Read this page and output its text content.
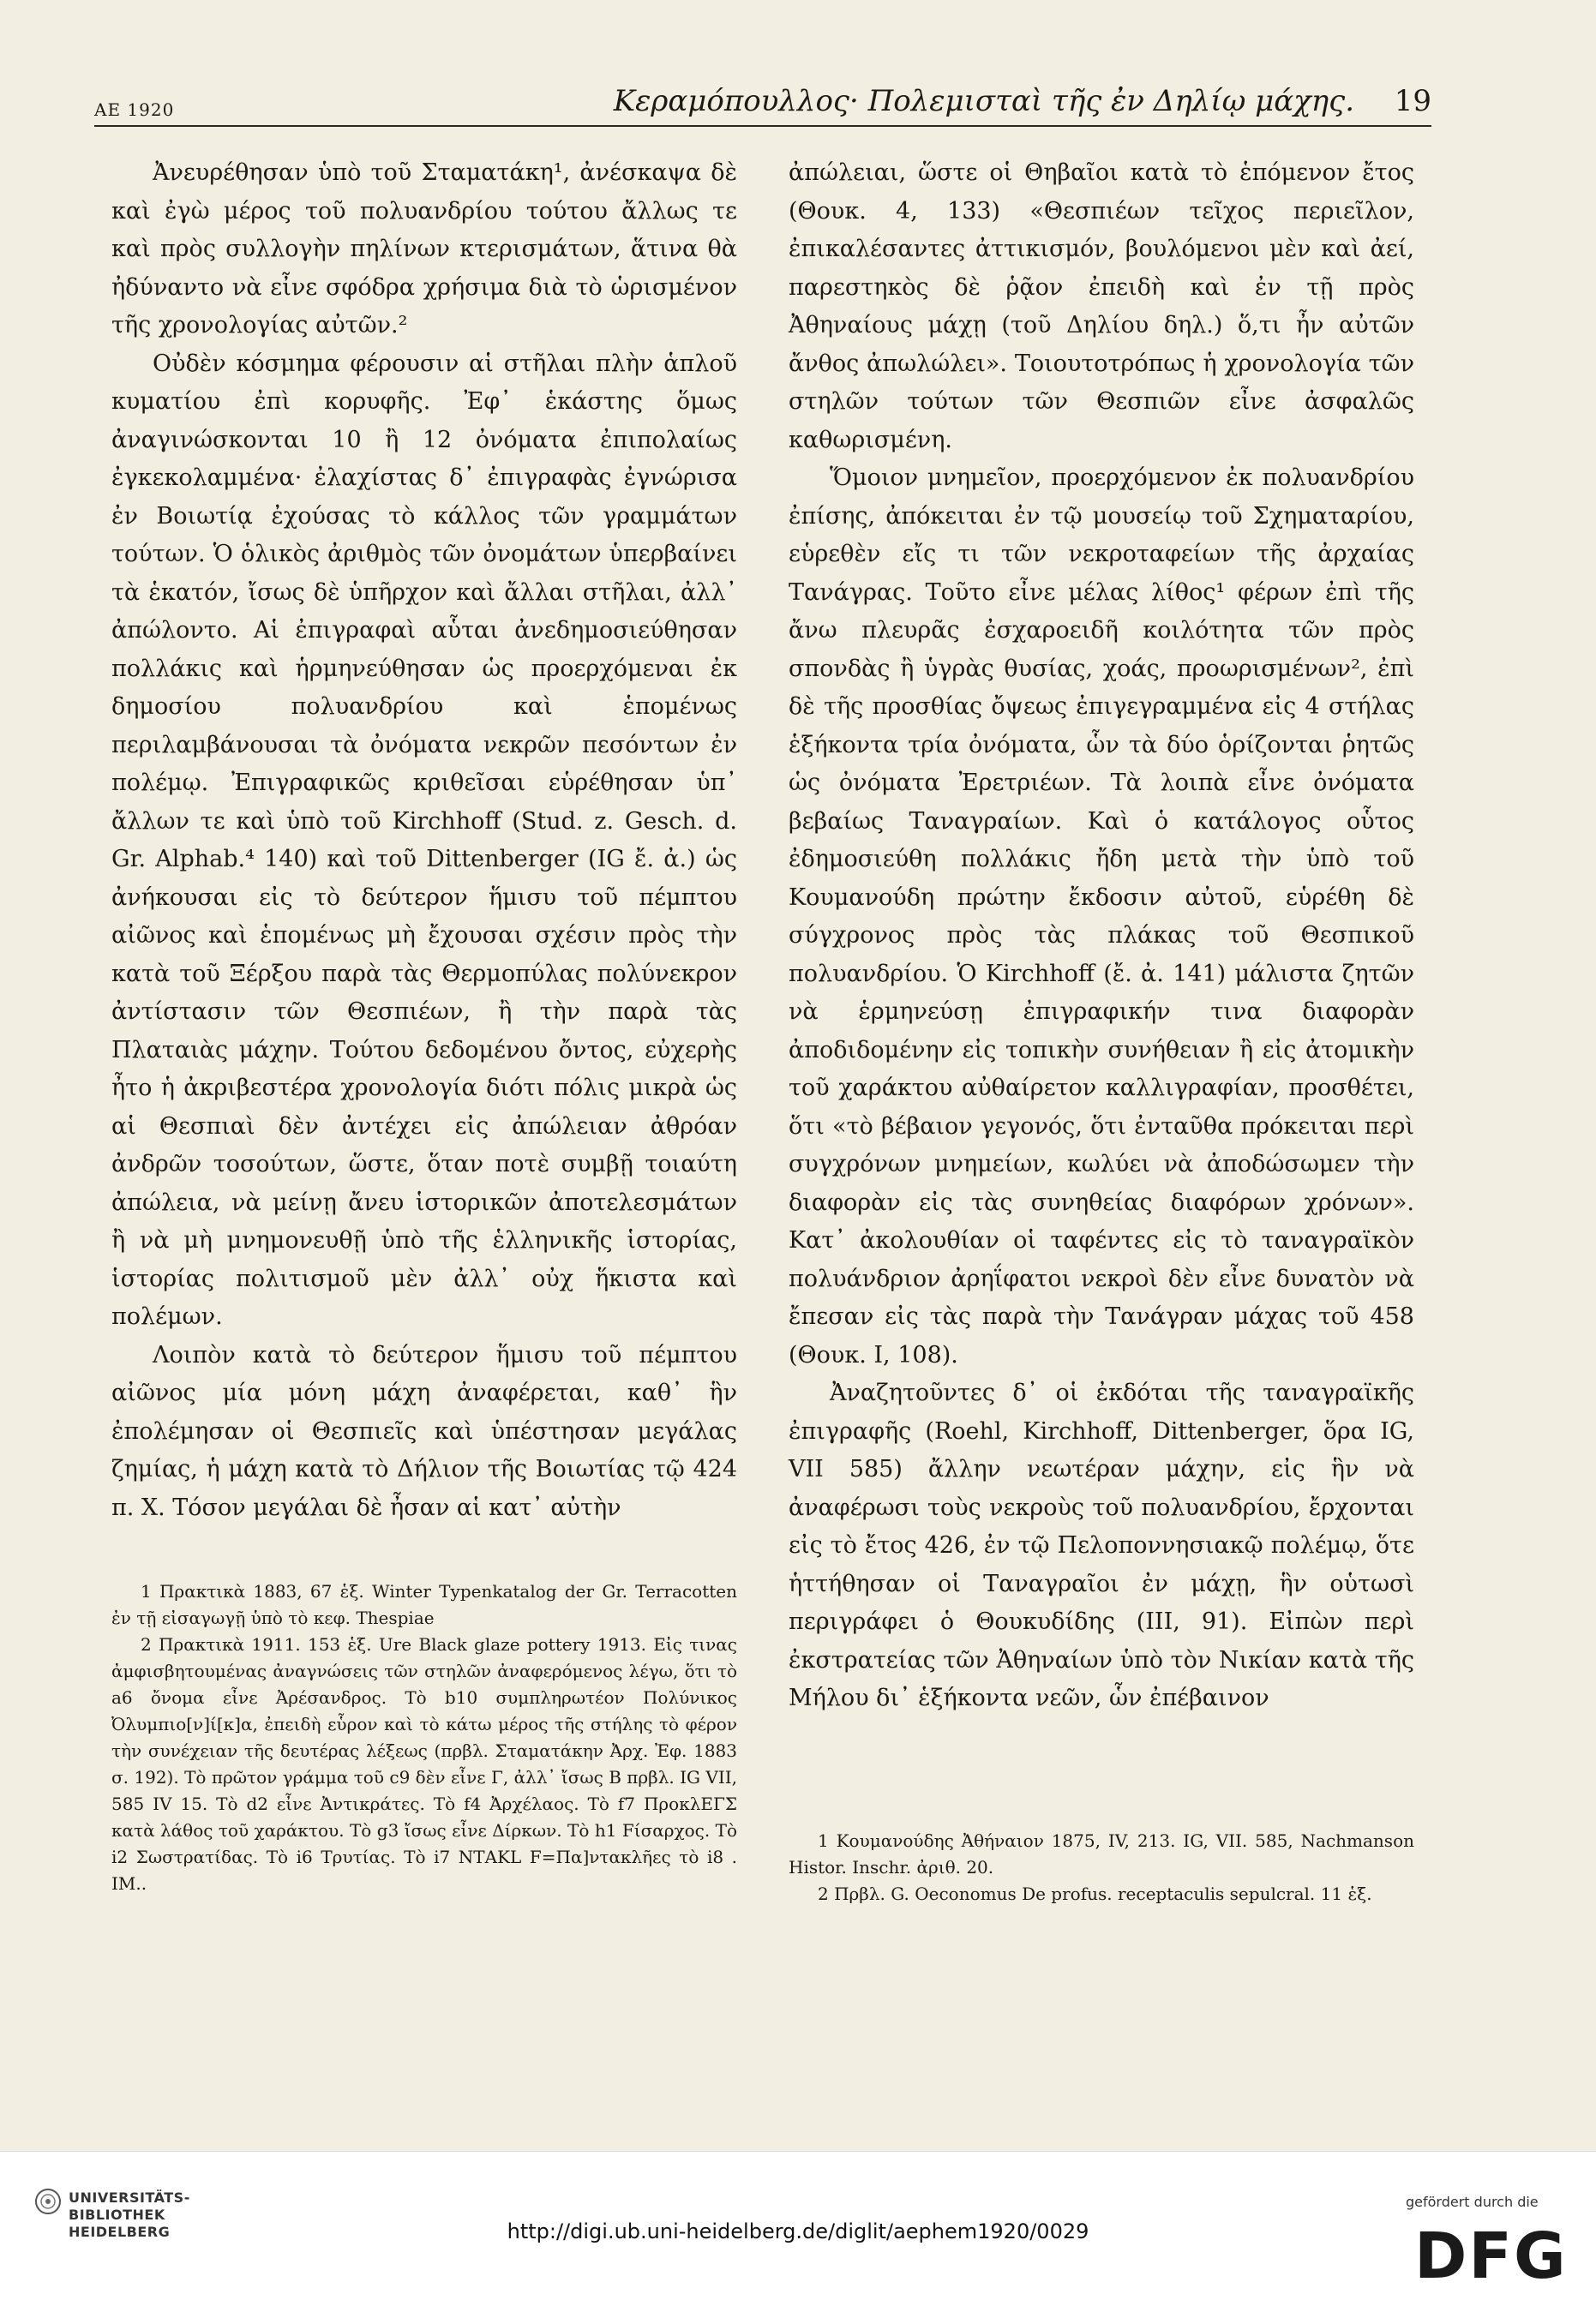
ΑΕ 1920	Κεραμόπουλλος· Πολεμισταὶ τῆς ἐν Δηλίῳ μάχης. 19

Ἀνευρέθησαν ὑπὸ τοῦ Σταματάκη¹, ἀνέσκαψα δὲ καὶ ἐγὼ μέρος τοῦ πολυανδρίου τούτου ἄλλως τε καὶ πρὸς συλλογὴν πηλίνων κτερισμάτων, ἅτινα θὰ ἠδύναντο νὰ εἶνε σφόδρα χρήσιμα διὰ τὸ ὡρισμένον τῆς χρονολογίας αὐτῶν.²

Οὐδὲν κόσμημα φέρουσιν αἱ στῆλαι πλὴν ἁπλοῦ κυματίου ἐπὶ κορυφῆς. Ἐφ᾽ ἑκάστης ὅμως ἀναγινώσκονται 10 ἢ 12 ὀνόματα ἐπιπολαίως ἐγκεκολαμμένα· ἐλαχίστας δ᾽ ἐπιγραφὰς ἐγνώρισα ἐν Βοιωτίᾳ ἐχούσας τὸ κάλλος τῶν γραμμάτων τούτων. Ὁ ὁλικὸς ἀριθμὸς τῶν ὀνομάτων ὑπερβαίνει τὰ ἑκατόν, ἴσως δὲ ὑπῆρχον καὶ ἄλλαι στῆλαι, ἀλλ᾽ ἀπώλοντο. Αἱ ἐπιγραφαὶ αὗται ἀνεδημοσιεύθησαν πολλάκις καὶ ἡρμηνεύθησαν ὡς προερχόμεναι ἐκ δημοσίου πολυανδρίου καὶ ἑπομένως περιλαμβάνουσαι τὰ ὀνόματα νεκρῶν πεσόντων ἐν πολέμῳ. Ἐπιγραφικῶς κριθεῖσαι εὑρέθησαν ὑπ᾽ ἄλλων τε καὶ ὑπὸ τοῦ Kirchhoff (Stud. z. Gesch. d. Gr. Alphab.⁴ 140) καὶ τοῦ Dittenberger (IG ἔ. ἀ.) ὡς ἀνήκουσαι εἰς τὸ δεύτερον ἥμισυ τοῦ πέμπτου αἰῶνος καὶ ἑπομένως μὴ ἔχουσαι σχέσιν πρὸς τὴν κατὰ τοῦ Ξέρξου παρὰ τὰς Θερμοπύλας πολύνεκρον ἀντίστασιν τῶν Θεσπιέων, ἢ τὴν παρὰ τὰς Πλαταιὰς μάχην. Τούτου δεδομένου ὄντος, εὐχερὴς ἦτο ἡ ἀκριβεστέρα χρονολογία διότι πόλις μικρὰ ὡς αἱ Θεσπιαὶ δὲν ἀντέχει εἰς ἀπώλειαν ἀθρόαν ἀνδρῶν τοσούτων, ὥστε, ὅταν ποτὲ συμβῇ τοιαύτη ἀπώλεια, νὰ μείνῃ ἄνευ ἱστορικῶν ἀποτελεσμάτων ἢ νὰ μὴ μνημονευθῇ ὑπὸ τῆς ἑλληνικῆς ἱστορίας, ἱστορίας πολιτισμοῦ μὲν ἀλλ᾽ οὐχ ἥκιστα καὶ πολέμων.

Λοιπὸν κατὰ τὸ δεύτερον ἥμισυ τοῦ πέμπτου αἰῶνος μία μόνη μάχη ἀναφέρεται, καθ᾽ ἣν ἐπολέμησαν οἱ Θεσπιεῖς καὶ ὑπέστησαν μεγάλας ζημίας, ἡ μάχη κατὰ τὸ Δήλιον τῆς Βοιωτίας τῷ 424 π. Χ. Τόσον μεγάλαι δὲ ἦσαν αἱ κατ᾽ αὐτὴν

1 Πρακτικὰ 1883, 67 ἑξ. Winter Typenkatalog der Gr. Terracotten ἐν τῇ εἰσαγωγῇ ὑπὸ τὸ κεφ. Thespiae

2 Πρακτικὰ 1911. 153 ἑξ. Ure Black glaze pottery 1913. Εἰς τινας ἀμφισβητουμένας ἀναγνώσεις τῶν στηλῶν ἀναφερόμενος λέγω, ὅτι τὸ a6 ὄνομα εἶνε Ἀρέσανδρος. Τὸ b10 συμπληρωτέον Πολύνικος Ὀλυμπιο[ν]ί[κ]α, ἐπειδὴ εὗρον καὶ τὸ κάτω μέρος τῆς στήλης τὸ φέρον τὴν συνέχειαν τῆς δευτέρας λέξεως (πρβλ. Σταματάκην Ἀρχ. Ἐφ. 1883 σ. 192). Τὸ πρῶτον γράμμα τοῦ c9 δὲν εἶνε Γ, ἀλλ᾽ ἴσως Β πρβλ. IG VII, 585 IV 15. Τὸ d2 εἶνε Ἀντικράτες. Τὸ f4 Ἀρχέλαος. Τὸ f7 ΠροκλΕΓΣ κατὰ λάθος τοῦ χαράκτου. Τὸ g3 ἴσως εἶνε Δίρκων. Τὸ h1 Fίσαρχος. Τὸ i2 Σωστρατίδας. Τὸ i6 Τρυτίας. Τὸ i7 ΝΤΑΚL F=Πα]ντακλῆες τὸ i8 . ΙΜ..

ἀπώλειαι, ὥστε οἱ Θηβαῖοι κατὰ τὸ ἑπόμενον ἔτος (Θουκ. 4, 133) «Θεσπιέων τεῖχος περιεῖλον, ἐπικαλέσαντες ἀττικισμόν, βουλόμενοι μὲν καὶ ἀεί, παρεστηκὸς δὲ ῥᾷον ἐπειδὴ καὶ ἐν τῇ πρὸς Ἀθηναίους μάχῃ (τοῦ Δηλίου δηλ.) ὅ,τι ἦν αὐτῶν ἄνθος ἀπωλώλει». Τοιουτοτρόπως ἡ χρονολογία τῶν στηλῶν τούτων τῶν Θεσπιῶν εἶνε ἀσφαλῶς καθωρισμένη.

Ὅμοιον μνημεῖον, προερχόμενον ἐκ πολυανδρίου ἐπίσης, ἀπόκειται ἐν τῷ μουσείῳ τοῦ Σχηματαρίου, εὑρεθὲν εἴς τι τῶν νεκροταφείων τῆς ἀρχαίας Τανάγρας. Τοῦτο εἶνε μέλας λίθος¹ φέρων ἐπὶ τῆς ἄνω πλευρᾶς ἐσχαροειδῆ κοιλότητα τῶν πρὸς σπονδὰς ἢ ὑγρὰς θυσίας, χοάς, προωρισμένων², ἐπὶ δὲ τῆς προσθίας ὄψεως ἐπιγεγραμμένα εἰς 4 στήλας ἑξήκοντα τρία ὀνόματα, ὧν τὰ δύο ὁρίζονται ῥητῶς ὡς ὀνόματα Ἐρετριέων. Τὰ λοιπὰ εἶνε ὀνόματα βεβαίως Ταναγραίων. Καὶ ὁ κατάλογος οὗτος ἐδημοσιεύθη πολλάκις ἤδη μετὰ τὴν ὑπὸ τοῦ Κουμανούδη πρώτην ἔκδοσιν αὐτοῦ, εὑρέθη δὲ σύγχρονος πρὸς τὰς πλάκας τοῦ Θεσπικοῦ πολυανδρίου. Ὁ Kirchhoff (ἔ. ἀ. 141) μάλιστα ζητῶν νὰ ἑρμηνεύσῃ ἐπιγραφικήν τινα διαφορὰν ἀποδιδομένην εἰς τοπικὴν συνήθειαν ἢ εἰς ἀτομικὴν τοῦ χαράκτου αὐθαίρετον καλλιγραφίαν, προσθέτει, ὅτι «τὸ βέβαιον γεγονός, ὅτι ἐνταῦθα πρόκειται περὶ συγχρόνων μνημείων, κωλύει νὰ ἀποδώσωμεν τὴν διαφορὰν εἰς τὰς συνηθείας διαφόρων χρόνων». Κατ᾽ ἀκολουθίαν οἱ ταφέντες εἰς τὸ ταναγραϊκὸν πολυάνδριον ἀρηΐφατοι νεκροὶ δὲν εἶνε δυνατὸν νὰ ἔπεσαν εἰς τὰς παρὰ τὴν Τανάγραν μάχας τοῦ 458 (Θουκ. I, 108).

Ἀναζητοῦντες δ᾽ οἱ ἐκδόται τῆς ταναγραϊκῆς ἐπιγραφῆς (Roehl, Kirchhoff, Dittenberger, ὅρα IG, VII 585) ἄλλην νεωτέραν μάχην, εἰς ἣν νὰ ἀναφέρωσι τοὺς νεκροὺς τοῦ πολυανδρίου, ἔρχονται εἰς τὸ ἔτος 426, ἐν τῷ Πελοποννησιακῷ πολέμῳ, ὅτε ἡττήθησαν οἱ Ταναγραῖοι ἐν μάχῃ, ἣν οὑτωσὶ περιγράφει ὁ Θουκυδίδης (III, 91). Εἰπὼν περὶ ἐκστρατείας τῶν Ἀθηναίων ὑπὸ τὸν Νικίαν κατὰ τῆς Μήλου δι᾽ ἑξήκοντα νεῶν, ὧν ἐπέβαινον

1 Κουμανούδης Ἀθήναιον 1875, IV, 213. IG, VII. 585, Nachmanson Histor. Inschr. ἀριθ. 20.

2 Πρβλ. G. Oeconomus De profus. receptaculis sepulcral. 11 ἑξ.

UNIVERSITÄTS-
BIBLIOTHEK
HEIDELBERG	http://digi.ub.uni-heidelberg.de/diglit/aephem1920/0029
gefördert durch die
DFG
